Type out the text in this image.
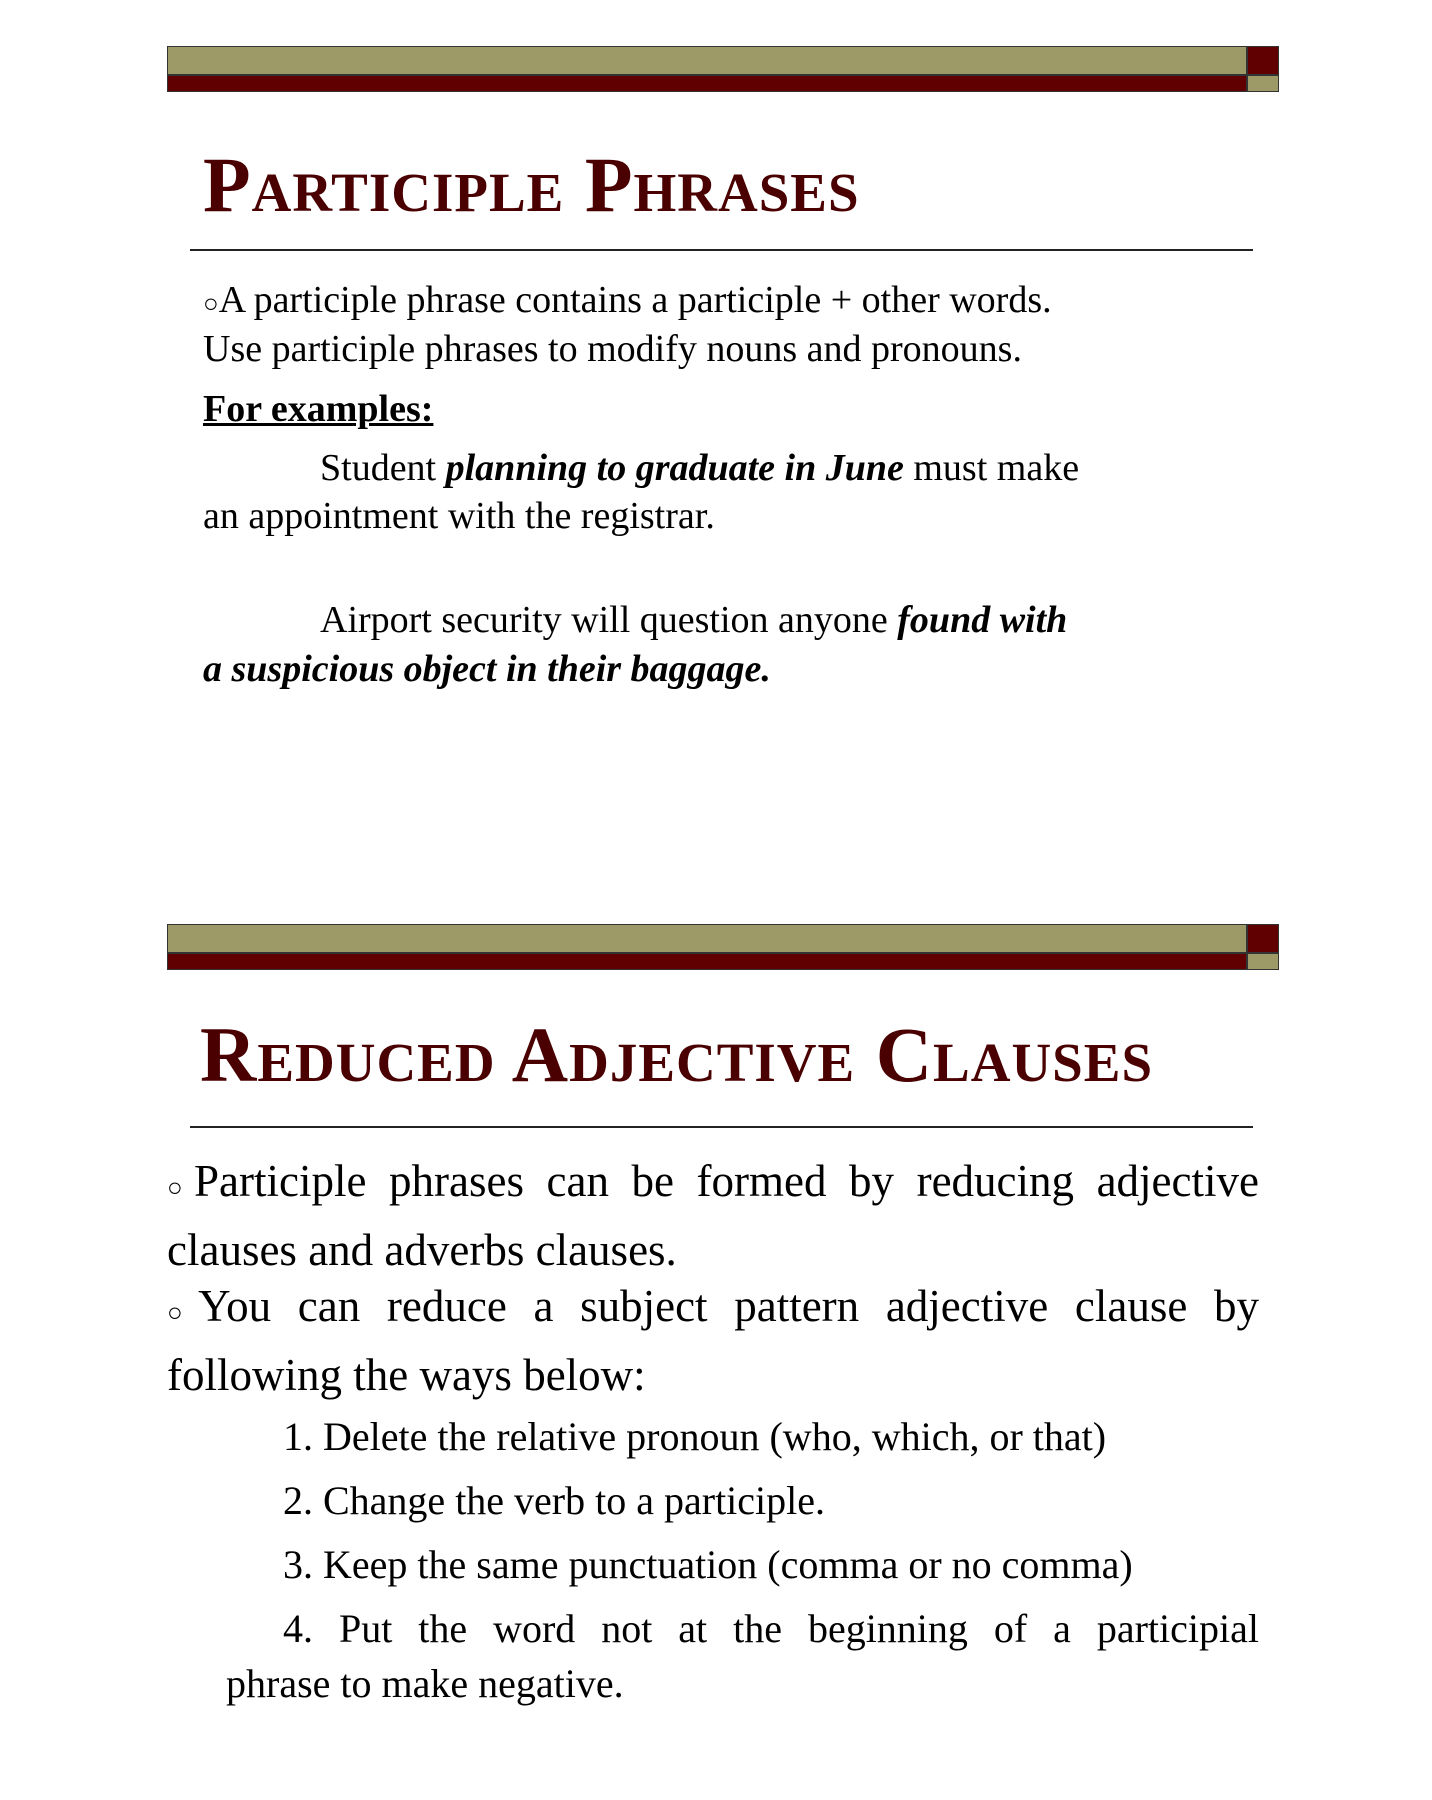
Participle Phrases
○A participle phrase contains a participle + other words.
Use participle phrases to modify nouns and pronouns.
For examples:
Student planning to graduate in June must make
an appointment with the registrar.
Airport security will question anyone found with
a suspicious object in their baggage.
Reduced Adjective Clauses
○Participle phrases can be formed by reducing adjective clauses and adverbs clauses.
○You can reduce a subject pattern adjective clause by following the ways below:
1. Delete the relative pronoun (who, which, or that)
2. Change the verb to a participle.
3. Keep the same punctuation (comma or no comma)
4. Put the word not at the beginning of a participial
phrase to make negative.
